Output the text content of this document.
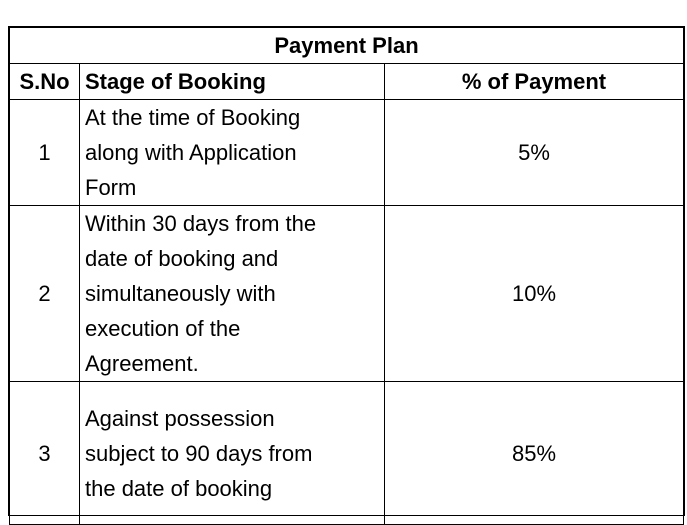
Payment Plan		
S.No	Stage of Booking	% of Payment
1	At the time of Booking
along with Application
Form	5%
2	Within 30 days from the
date of booking and
simultaneously with
execution of the
Agreement.	10%
3	Against possession
subject to 90 days from
the date of booking	85%
